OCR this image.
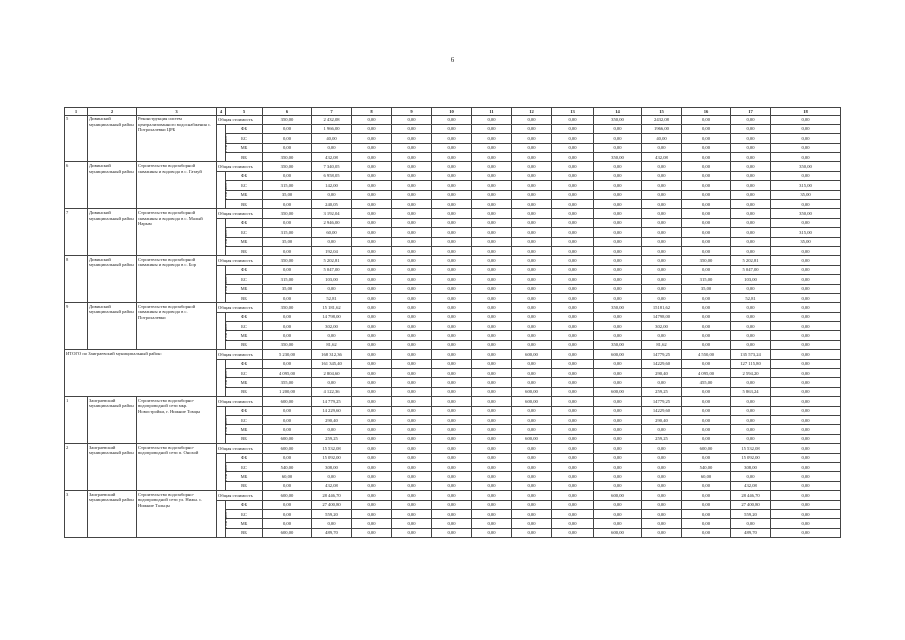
6
1	2	3	4	5	6	7	8	9	10	11	12	13	14	15	16	17	18	
5	Дивинский муниципальный район	Реконструкция систем централизованного водоснабжения с. Потрохалевки ЦРБ	Общая стоимость		350,00	2 432,08	0,00	0,00	0,00	0,00	0,00	0,00	350,00	2432,08	0,00	0,00	0,00	
			в том числе:	ФБ	0,00	1 966,00	0,00	0,00	0,00	0,00	0,00	0,00	0,00	1966,00	0,00	0,00	0,00	
				БС	0,00	40,00	0,00	0,00	0,00	0,00	0,00	0,00	0,00	40,00	0,00	0,00	0,00	
				МБ	0,00	0,00	0,00	0,00	0,00	0,00	0,00	0,00	0,00	0,00	0,00	0,00	0,00	
				ВБ	350,00	432,08	0,00	0,00	0,00	0,00	0,00	0,00	350,00	432,08	0,00	0,00	0,00	
6	Дивинский муниципальный район	Строительство водозаборной скважины и водовода в с. Гатауй	Общая стоимость		350,00	7 340,05	0,00	0,00	0,00	0,00	0,00	0,00	0,00	0,00	0,00	0,00	350,00	
			в том числе:	ФБ	0,00	6 958,05	0,00	0,00	0,00	0,00	0,00	0,00	0,00	0,00	0,00	0,00	0,00	
				БС	315,00	142,00	0,00	0,00	0,00	0,00	0,00	0,00	0,00	0,00	0,00	0,00	315,00	
				МБ	35,00	0,00	0,00	0,00	0,00	0,00	0,00	0,00	0,00	0,00	0,00	0,00	35,00	
				ВБ	0,00	240,05	0,00	0,00	0,00	0,00	0,00	0,00	0,00	0,00	0,00	0,00	0,00	
7	Дивинский муниципальный район	Строительство водозаборной скважины и водовода в с. Малый Нарым	Общая стоимость		350,00	3 192,04	0,00	0,00	0,00	0,00	0,00	0,00	0,00	0,00	0,00	0,00	350,00	
			в том числе:	ФБ	0,00	2 946,00	0,00	0,00	0,00	0,00	0,00	0,00	0,00	0,00	0,00	0,00	0,00	
				БС	315,00	60,00	0,00	0,00	0,00	0,00	0,00	0,00	0,00	0,00	0,00	0,00	315,00	
				МБ	35,00	0,00	0,00	0,00	0,00	0,00	0,00	0,00	0,00	0,00	0,00	0,00	35,00	
				ВБ	0,00	192,04	0,00	0,00	0,00	0,00	0,00	0,00	0,00	0,00	0,00	0,00	0,00	
8	Дивинский муниципальный район	Строительство водозаборной скважины и водовода в с. Бор	Общая стоимость		350,00	5 202,81	0,00	0,00	0,00	0,00	0,00	0,00	0,00	0,00	350,00	5 202,81	0,00	
			в том числе:	ФБ	0,00	5 047,00	0,00	0,00	0,00	0,00	0,00	0,00	0,00	0,00	0,00	5 047,00	0,00	
				БС	315,00	103,00	0,00	0,00	0,00	0,00	0,00	0,00	0,00	0,00	315,00	103,00	0,00	
				МБ	35,00	0,00	0,00	0,00	0,00	0,00	0,00	0,00	0,00	0,00	35,00	0,00	0,00	
				ВБ	0,00	52,81	0,00	0,00	0,00	0,00	0,00	0,00	0,00	0,00	0,00	52,81	0,00	
9	Дивинский муниципальный район	Строительство водозаборной скважины и водовода в с. Потрохалевки	Общая стоимость		350,00	15 181,62	0,00	0,00	0,00	0,00	0,00	0,00	350,00	15181,62	0,00	0,00	0,00	
			в том числе:	ФБ	0,00	14 798,00	0,00	0,00	0,00	0,00	0,00	0,00	0,00	14798,00	0,00	0,00	0,00	
				БС	0,00	302,00	0,00	0,00	0,00	0,00	0,00	0,00	0,00	302,00	0,00	0,00	0,00	
				МБ	0,00	0,00	0,00	0,00	0,00	0,00	0,00	0,00	0,00	0,00	0,00	0,00	0,00	
				ВБ	350,00	81,62	0,00	0,00	0,00	0,00	0,00	0,00	350,00	81,62	0,00	0,00	0,00	
ИТОГО по Заиграевский муниципальный район:			Общая стоимость		5 230,00	168 312,36	0,00	0,00	0,00	0,00	600,00	0,00	600,00	14779,25	4 550,00	135 573,24	0,00	
			в том числе:	ФБ	0,00	161 345,40	0,00	0,00	0,00	0,00	0,00	0,00	0,00	14229,60	0,00	127 115,80	0,00	
				БС	4 095,00	2 804,60	0,00	0,00	0,00	0,00	0,00	0,00	0,00	290,40	4 095,00	2 594,20	0,00	
				МБ	355,00	0,00	0,00	0,00	0,00	0,00	0,00	0,00	0,00	0,00	455,00	0,00	0,00	
				ВБ	1 200,00	4 122,36	0,00	0,00	0,00	0,00	600,00	0,00	600,00	259,25	0,00	5 863,24	0,00	
1	Заиграевский муниципальный район	Строительство водозаборно-водопроводной сети мкр. Новостройки, г. Нижние Томцы	Общая стоимость		600,00	14 779,25	0,00	0,00	0,00	0,00	600,00	0,00	0,00	14779,25	0,00	0,00	0,00	
			в том числе:	ФБ	0,00	14 229,60	0,00	0,00	0,00	0,00	0,00	0,00	0,00	14229,60	0,00	0,00	0,00	
				БС	0,00	290,40	0,00	0,00	0,00	0,00	0,00	0,00	0,00	290,40	0,00	0,00	0,00	
				МБ	0,00	0,00	0,00	0,00	0,00	0,00	0,00	0,00	0,00	0,00	0,00	0,00	0,00	
				ВБ	600,00	259,25	0,00	0,00	0,00	0,00	600,00	0,00	0,00	259,25	0,00	0,00	0,00	
2	Заиграевский муниципальный район	Строительство водозаборно-водопроводной сети п. Онохой	Общая стоимость		600,00	15 532,08	0,00	0,00	0,00	0,00	0,00	0,00	0,00	0,00	600,00	15 532,08	0,00	
			в том числе:	ФБ	0,00	15 092,00	0,00	0,00	0,00	0,00	0,00	0,00	0,00	0,00	0,00	15 092,00	0,00	
				БС	540,00	308,00	0,00	0,00	0,00	0,00	0,00	0,00	0,00	0,00	540,00	308,00	0,00	
				МБ	60,00	0,00	0,00	0,00	0,00	0,00	0,00	0,00	0,00	0,00	60,00	0,00	0,00	
				ВБ	0,00	432,08	0,00	0,00	0,00	0,00	0,00	0,00	0,00	0,00	0,00	432,08	0,00	
3	Заиграевский муниципальный район	Строительство водозаборно-водопроводной сети ул. Нижн. с. Нижние Тальцы	Общая стоимость		600,00	28 446,70	0,00	0,00	0,00	0,00	0,00	0,00	600,00	0,00	0,00	28 446,70	0,00	
			в том числе:	ФБ	0,00	27 400,80	0,00	0,00	0,00	0,00	0,00	0,00	0,00	0,00	0,00	27 400,80	0,00	
				БС	0,00	559,20	0,00	0,00	0,00	0,00	0,00	0,00	0,00	0,00	0,00	559,20	0,00	
				МБ	0,00	0,00	0,00	0,00	0,00	0,00	0,00	0,00	0,00	0,00	0,00	0,00	0,00	
				ВБ	600,00	489,70	0,00	0,00	0,00	0,00	0,00	0,00	600,00	0,00	0,00	489,70	0,00	
